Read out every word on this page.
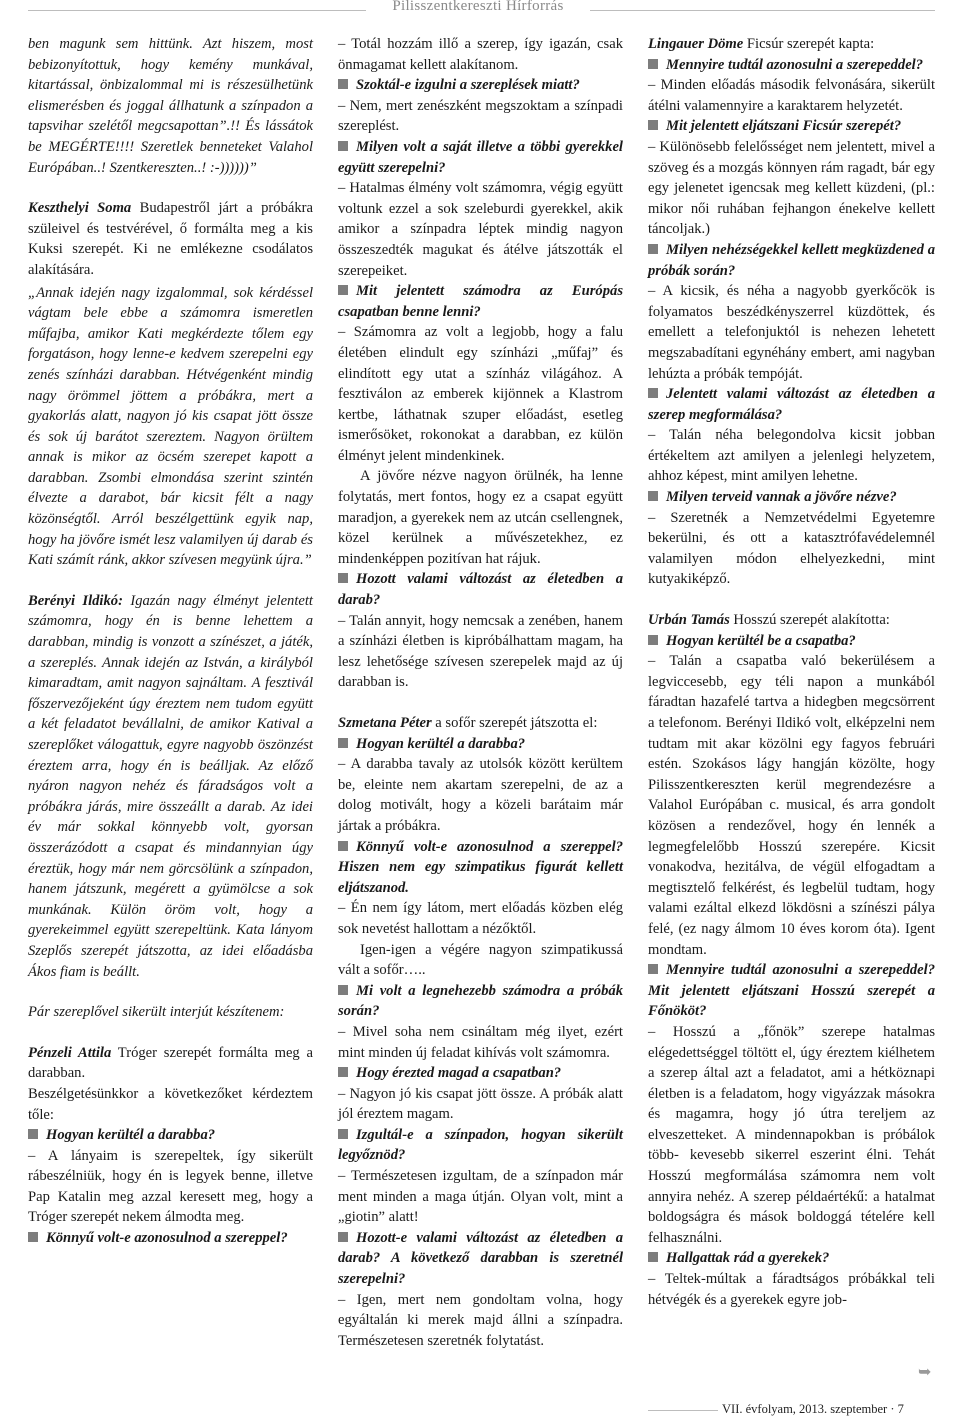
Pilisszentkereszti Hírforrás

ben magunk sem hittünk. Azt hiszem, most bebizonyítottuk, hogy kemény munkával, kitartással, önbizalommal mi is részesülhetünk elismerésben és joggal állhatunk a színpadon a tapsvihar szelétől megcsapottan”.!! És lássátok be MEGÉRTE!!!! Szeretlek benneteket Valahol Európában..! Szentkereszten..! :-))))))”

Keszthelyi Soma Budapestről járt a próbákra szüleivel és testvérével, ő formálta meg a kis Kuksi szerepét. Ki ne emlékezne csodálatos alakítására.

„Annak idején nagy izgalommal, sok kérdéssel vágtam bele ebbe a számomra ismeretlen műfajba, amikor Kati megkérdezte tőlem egy forgatáson, hogy lenne-e kedvem szerepelni egy zenés színházi darabban. Hétvégenként mindig nagy örömmel jöttem a próbákra, mert a gyakorlás alatt, nagyon jó kis csapat jött össze és sok új barátot szereztem. Nagyon örültem annak is mikor az öcsém szerepet kapott a darabban. Zsombi elmondása szerint szintén élvezte a darabot, bár kicsit félt a nagy közönségtől. Arról beszélgettünk egyik nap, hogy ha jövőre ismét lesz valamilyen új darab és Kati számít ránk, akkor szívesen megyünk újra.”

Berényi Ildikó: Igazán nagy élményt jelentett számomra, hogy én is benne lehettem a darabban, mindig is vonzott a színészet, a játék, a szereplés. Annak idején az István, a királyból kimaradtam, amit nagyon sajnáltam. A fesztivál főszervezőjeként úgy éreztem nem tudom együtt a két feladatot bevállalni, de amikor Katival a szereplőket válogattuk, egyre nagyobb öszönzést éreztem arra, hogy én is beálljak. Az előző nyáron nagyon nehéz és fáradságos volt a próbákra járás, mire összeállt a darab. Az idei év már sokkal könnyebb volt, gyorsan összerázódott a csapat és mindannyian úgy éreztük, hogy már nem görcsölünk a színpadon, hanem játszunk, megérett a gyümölcse a sok munkának. Külön öröm volt, hogy a gyerekeimmel együtt szerepeltünk. Kata lányom Szeplős szerepét játszotta, az idei előadásba Ákos fiam is beállt.

Pár szereplővel sikerült interjút készítenem:

Pénzeli Attila Tróger szerepét formálta meg a darabban.

Beszélgetésünkkor a következőket kérdeztem tőle:

Hogyan kerültél a darabba?

– A lányaim is szerepeltek, így sikerült rábeszélniük, hogy én is legyek benne, illetve Pap Katalin meg azzal keresett meg, hogy a Tróger szerepét nekem álmodta meg.

Könnyű volt-e azonosulnod a szereppel?

– Totál hozzám illő a szerep, így igazán, csak önmagamat kellett alakítanom.

Szoktál-e izgulni a szereplések miatt?

– Nem, mert zenészként megszoktam a színpadi szereplést.

Milyen volt a saját illetve a többi gyerekkel együtt szerepelni?

– Hatalmas élmény volt számomra, végig együtt voltunk ezzel a sok szeleburdi gyerekkel, akik amikor a színpadra léptek mindig nagyon összeszedték magukat és átélve játszották el szerepeiket.

Mit jelentett számodra az Európás csapatban benne lenni?

– Számomra az volt a legjobb, hogy a falu életében elindult egy színházi „műfaj” és elindított egy utat a színház világához. A fesztiválon az emberek kijönnek a Klastrom kertbe, láthatnak szuper előadást, esetleg ismerősöket, rokonokat a darabban, ez külön élményt jelent mindenkinek.

A jövőre nézve nagyon örülnék, ha lenne folytatás, mert fontos, hogy ez a csapat együtt maradjon, a gyerekek nem az utcán csellengnek, közel kerülnek a művészetekhez, ez mindenképpen pozitívan hat rájuk.

Hozott valami változást az életedben a darab?

– Talán annyit, hogy nemcsak a zenében, hanem a színházi életben is kipróbálhattam magam, ha lesz lehetősége szívesen szerepelek majd az új darabban is.

Szmetana Péter a sofőr szerepét játszotta el:

Hogyan kerültél a darabba?

– A darabba tavaly az utolsók között kerültem be, eleinte nem akartam szerepelni, de az a dolog motivált, hogy a közeli barátaim már jártak a próbákra.

Könnyű volt-e azonosulnod a szereppel? Hiszen nem egy szimpatikus figurát kellett eljátszanod.

– Én nem így látom, mert előadás közben elég sok nevetést hallottam a nézőktől.

Igen-igen a végére nagyon szimpatikussá vált a sofőr…..

Mi volt a legnehezebb számodra a próbák során?

– Mivel soha nem csináltam még ilyet, ezért mint minden új feladat kihívás volt számomra.

Hogy érezted magad a csapatban?

– Nagyon jó kis csapat jött össze. A próbák alatt jól éreztem magam.

Izgultál-e a színpadon, hogyan sikerült legyőznöd?

– Természetesen izgultam, de a színpadon már ment minden a maga útján. Olyan volt, mint a „giotin” alatt!

Hozott-e valami változást az életedben a darab? A következő darabban is szeretnél szerepelni?

– Igen, mert nem gondoltam volna, hogy egyáltalán ki merek majd állni a színpadra. Természetesen szeretnék folytatást.

Lingauer Döme Ficsúr szerepét kapta:

Mennyire tudtál azonosulni a szerepeddel?

– Minden előadás második felvonására, sikerült átélni valamennyire a karaktarem helyzetét.

Mit jelentett eljátszani Ficsúr szerepét?

– Különösebb felelősséget nem jelentett, mivel a szöveg és a mozgás könnyen rám ragadt, bár egy egy jelenetet igencsak meg kellett küzdeni, (pl.: mikor női ruhában fejhangon énekelve kellett táncoljak.)

Milyen nehézségekkel kellett megküzdened a próbák során?

– A kicsik, és néha a nagyobb gyerkőcök is folyamatos beszédkényszerrel küzdöttek, és emellett a telefonjuktól is nehezen lehetett megszabadítani egynéhány embert, ami nagyban lehúzta a próbák tempóját.

Jelentett valami változást az életedben a szerep megformálása?

– Talán néha belegondolva kicsit jobban értékeltem azt amilyen a jelenlegi helyzetem, ahhoz képest, mint amilyen lehetne.

Milyen terveid vannak a jövőre nézve?

– Szeretnék a Nemzetvédelmi Egyetemre bekerülni, és ott a katasztrófavédelemnél valamilyen módon elhelyezkedni, mint kutyakiképző.

Urbán Tamás Hosszú szerepét alakította:

Hogyan kerültél be a csapatba?

– Talán a csapatba való bekerülésem a legviccesebb, egy téli napon a munkából fáradtan hazafelé tartva a hidegben megcsörrent a telefonom. Berényi Ildikó volt, elképzelni nem tudtam mit akar közölni egy fagyos februári estén. Szokásos lágy hangján közölte, hogy Pilisszentkereszten kerül megrendezésre a Valahol Európában c. musical, és arra gondolt közösen a rendezővel, hogy én lennék a legmegfelelőbb Hosszú szerepére. Kicsit vonakodva, hezitálva, de végül elfogadtam a megtisztelő felkérést, és legbelül tudtam, hogy valami ezáltal elkezd lökdösni a színészi pálya felé, (ez nagy álmom 10 éves korom óta). Igent mondtam.

Mennyire tudtál azonosulni a szerepeddel? Mit jelentett eljátszani Hosszú szerepét a Főnököt?

– Hosszú a „főnök” szerepe hatalmas elégedettséggel töltött el, úgy éreztem kiélhetem a szerep által azt a feladatot, ami a hétköznapi életben is a feladatom, hogy vigyázzak másokra és magamra, hogy jó útra tereljem az elveszetteket. A mindennapokban is próbálok több- kevesebb sikerrel eszerint élni. Tehát Hosszú megformálása számomra nem volt annyira nehéz. A szerep példaértékű: a hatalmat boldogságra és mások boldoggá tételére kell felhasználni.

Hallgattak rád a gyerekek?

– Teltek-múltak a fáradtságos próbákkal teli hétvégék és a gyerekek egyre job-

➥
VII. évfolyam, 2013. szeptember · 7
